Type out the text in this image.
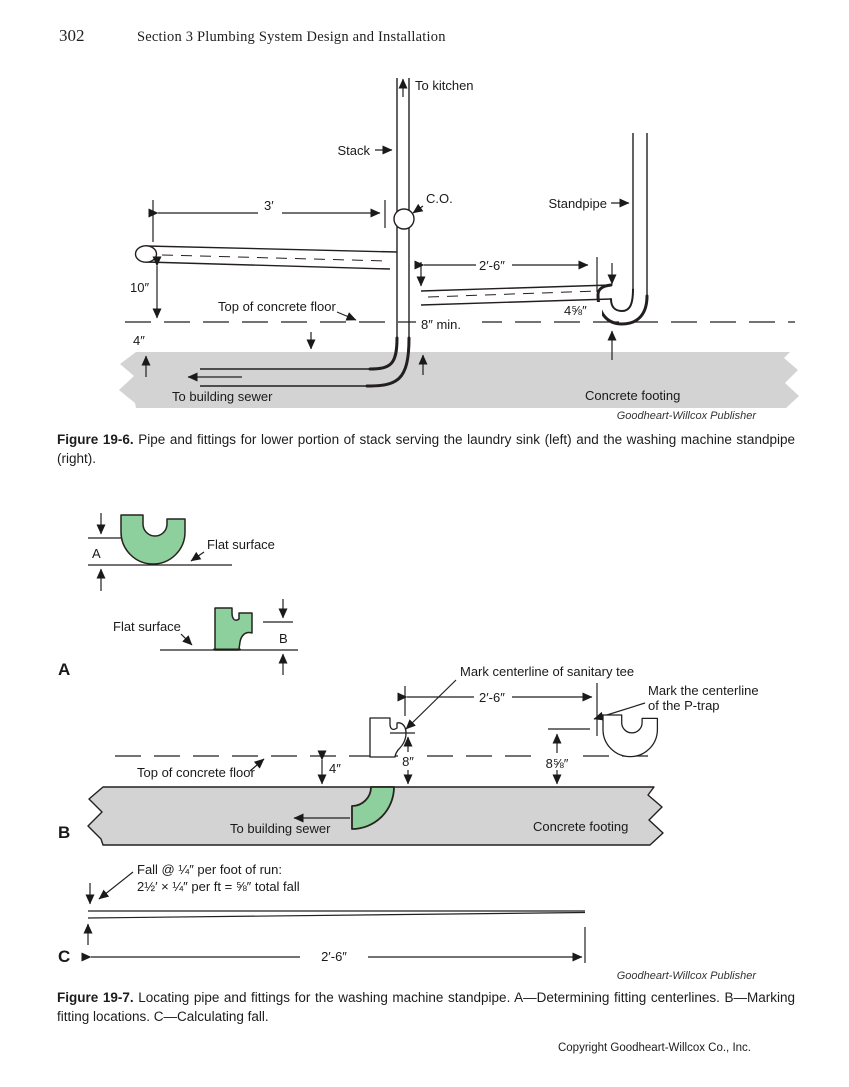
302	Section 3 Plumbing System Design and Installation
3′
10″
4″
Top of concrete floor
8″ min.
2′-6″
4⅝″
To kitchen
Stack
C.O.	Standpipe
To building sewer	Concrete footing
A
Flat surface
Flat surface
B
A	Mark centerline of sanitary tee
2′-6″	Mark the centerline
of the P-trap
8⅝″
8″
4″
Top of concrete floor
To building sewer	Concrete footing
B
Fall @ ¼″ per foot of run:
2½′ × ¼″ per ft = ⅝″ total fall
2′-6″
C
Goodheart-Willcox Publisher
Figure 19-6. Pipe and fittings for lower portion of stack serving the laundry sink (left) and the washing machine standpipe (right).
Goodheart-Willcox Publisher
Figure 19-7. Locating pipe and fittings for the washing machine standpipe. A—Determining fitting centerlines. B—Marking fitting locations. C—Calculating fall.
Copyright Goodheart-Willcox Co., Inc.
